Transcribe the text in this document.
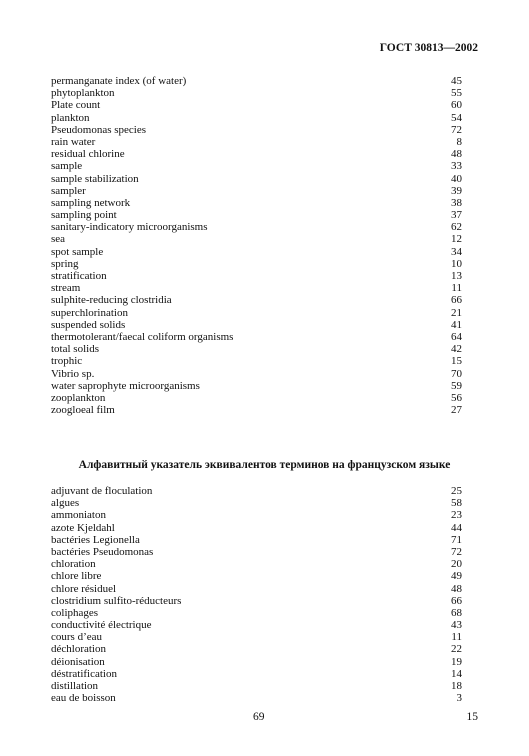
ГОСТ 30813—2002
permanganate index (of water)	45
phytoplankton	55
Plate count	60
plankton	54
Pseudomonas species	72
rain water	8
residual chlorine	48
sample	33
sample stabilization	40
sampler	39
sampling network	38
sampling point	37
sanitary-indicatory microorganisms	62
sea	12
spot sample	34
spring	10
stratification	13
stream	11
sulphite-reducing clostridia	66
superchlorination	21
suspended solids	41
thermotolerant/faecal coliform organisms	64
total solids	42
trophic	15
Vibrio sp.	70
water saprophyte microorganisms	59
zooplankton	56
zoogloeal film	27
Алфавитный указатель эквивалентов терминов на французском языке
adjuvant de floculation	25
algues	58
ammoniaton	23
azote Kjeldahl	44
bactéries Legionella	71
bactéries Pseudomonas	72
chloration	20
chlore libre	49
chlore résiduel	48
clostridium sulfito-réducteurs	66
coliphages	68
conductivité électrique	43
cours d’eau	11
déchloration	22
déionisation	19
déstratification	14
distillation	18
eau de boisson	3
69	15
